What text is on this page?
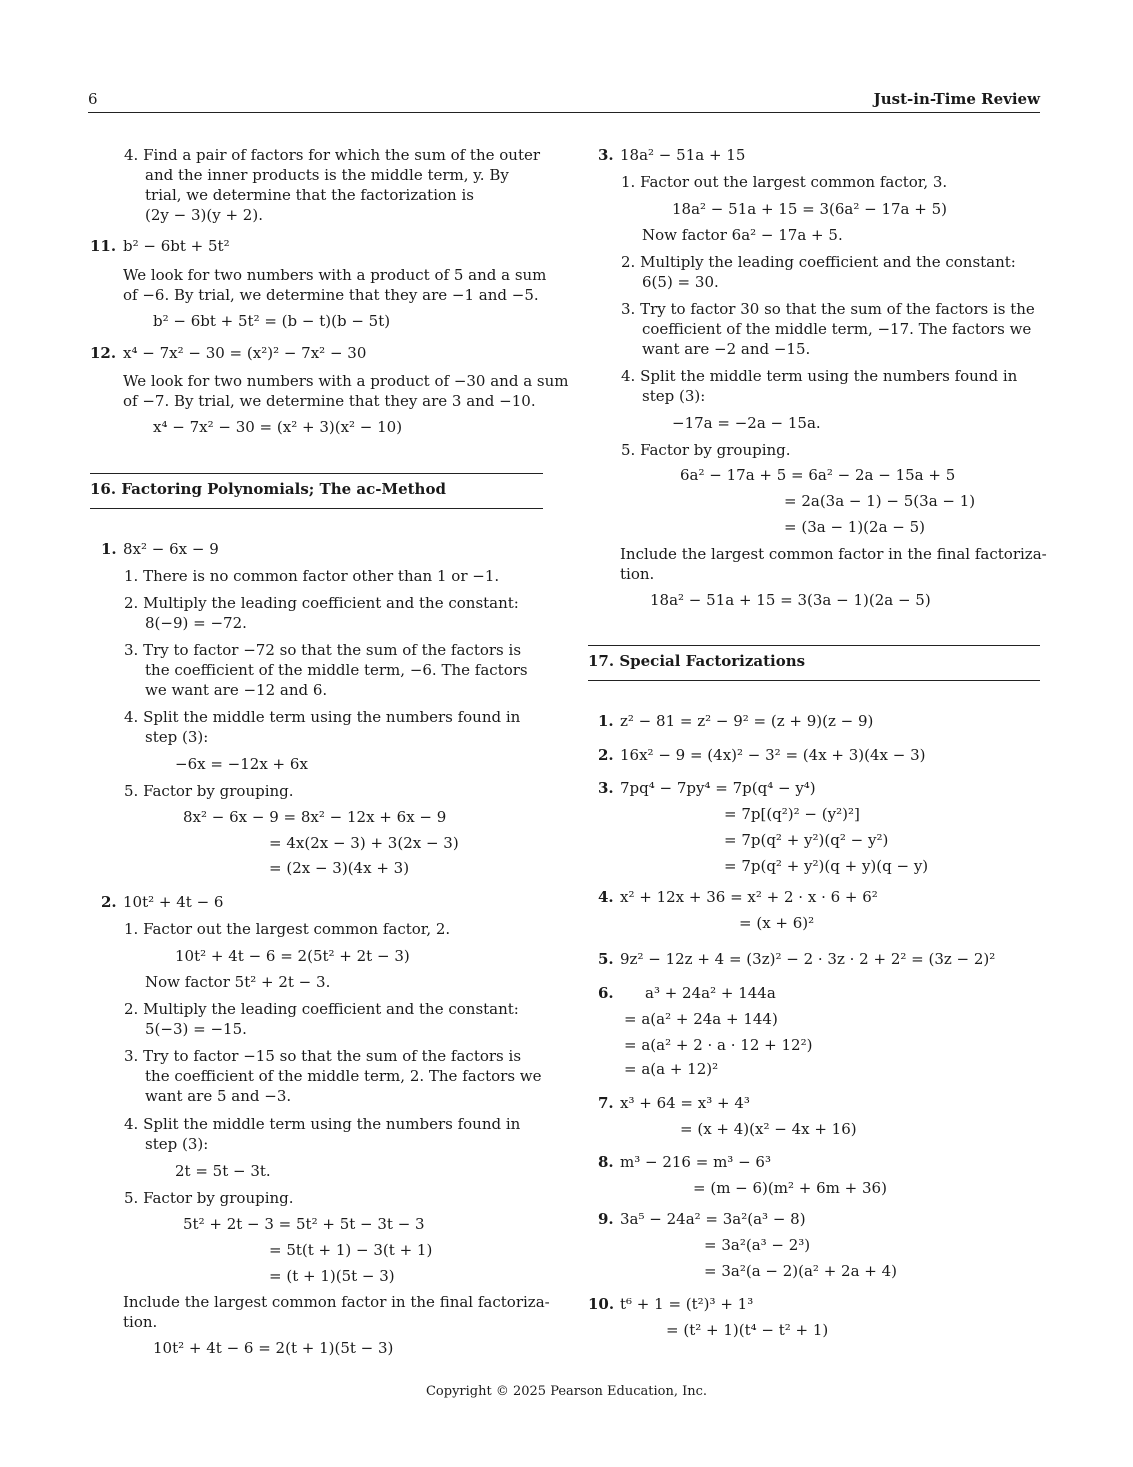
6	Just-in-Time Review
4. Find a pair of factors for which the sum of the outer
and the inner products is the middle term, y. By
trial, we determine that the factorization is
(2y − 3)(y + 2).
11. b² − 6bt + 5t²
We look for two numbers with a product of 5 and a sum
of −6. By trial, we determine that they are −1 and −5.
b² − 6bt + 5t² = (b − t)(b − 5t)
12. x⁴ − 7x² − 30 = (x²)² − 7x² − 30
We look for two numbers with a product of −30 and a sum
of −7. By trial, we determine that they are 3 and −10.
x⁴ − 7x² − 30 = (x² + 3)(x² − 10)
16. Factoring Polynomials; The ac-Method
1. 8x² − 6x − 9
1. There is no common factor other than 1 or −1.
2. Multiply the leading coefficient and the constant:
8(−9) = −72.
3. Try to factor −72 so that the sum of the factors is
the coefficient of the middle term, −6. The factors
we want are −12 and 6.
4. Split the middle term using the numbers found in
step (3):
−6x = −12x + 6x
5. Factor by grouping.
8x² − 6x − 9 = 8x² − 12x + 6x − 9
= 4x(2x − 3) + 3(2x − 3)
= (2x − 3)(4x + 3)
2. 10t² + 4t − 6
1. Factor out the largest common factor, 2.
10t² + 4t − 6 = 2(5t² + 2t − 3)
Now factor 5t² + 2t − 3.
2. Multiply the leading coefficient and the constant:
5(−3) = −15.
3. Try to factor −15 so that the sum of the factors is
the coefficient of the middle term, 2. The factors we
want are 5 and −3.
4. Split the middle term using the numbers found in
step (3):
2t = 5t − 3t.
5. Factor by grouping.
5t² + 2t − 3 = 5t² + 5t − 3t − 3
= 5t(t + 1) − 3(t + 1)
= (t + 1)(5t − 3)
Include the largest common factor in the final factoriza-
tion.
10t² + 4t − 6 = 2(t + 1)(5t − 3)
3. 18a² − 51a + 15
1. Factor out the largest common factor, 3.
18a² − 51a + 15 = 3(6a² − 17a + 5)
Now factor 6a² − 17a + 5.
2. Multiply the leading coefficient and the constant:
6(5) = 30.
3. Try to factor 30 so that the sum of the factors is the
coefficient of the middle term, −17. The factors we
want are −2 and −15.
4. Split the middle term using the numbers found in
step (3):
−17a = −2a − 15a.
5. Factor by grouping.
6a² − 17a + 5 = 6a² − 2a − 15a + 5
= 2a(3a − 1) − 5(3a − 1)
= (3a − 1)(2a − 5)
Include the largest common factor in the final factoriza-
tion.
18a² − 51a + 15 = 3(3a − 1)(2a − 5)
17. Special Factorizations
1. z² − 81 = z² − 9² = (z + 9)(z − 9)
2. 16x² − 9 = (4x)² − 3² = (4x + 3)(4x − 3)
3. 7pq⁴ − 7py⁴ = 7p(q⁴ − y⁴)
= 7p[(q²)² − (y²)²]
= 7p(q² + y²)(q² − y²)
= 7p(q² + y²)(q + y)(q − y)
4. x² + 12x + 36 = x² + 2 · x · 6 + 6²
= (x + 6)²
5. 9z² − 12z + 4 = (3z)² − 2 · 3z · 2 + 2² = (3z − 2)²
6. a³ + 24a² + 144a
= a(a² + 24a + 144)
= a(a² + 2 · a · 12 + 12²)
= a(a + 12)²
7. x³ + 64 = x³ + 4³
= (x + 4)(x² − 4x + 16)
8. m³ − 216 = m³ − 6³
= (m − 6)(m² + 6m + 36)
9. 3a⁵ − 24a² = 3a²(a³ − 8)
= 3a²(a³ − 2³)
= 3a²(a − 2)(a² + 2a + 4)
10. t⁶ + 1 = (t²)³ + 1³
= (t² + 1)(t⁴ − t² + 1)
Copyright © 2025 Pearson Education, Inc.
